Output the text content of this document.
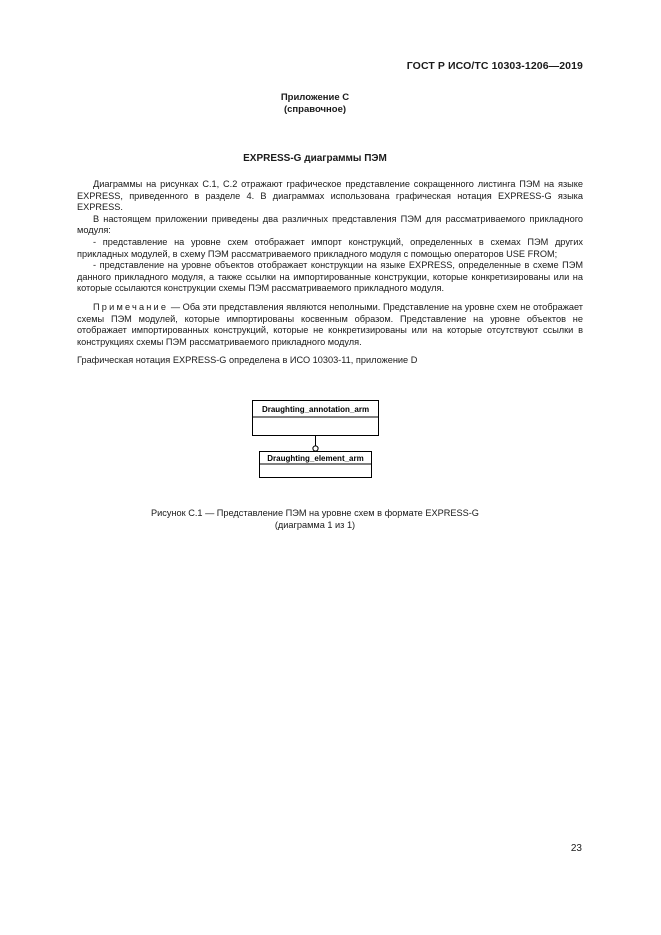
ГОСТ Р ИСО/ТС 10303-1206—2019
Приложение С
(справочное)
EXPRESS-G диаграммы ПЭМ

Диаграммы на рисунках С.1, С.2 отражают графическое представление сокращенного листинга ПЭМ на языке EXPRESS, приведенного в разделе 4. В диаграммах использована графическая нотация EXPRESS-G языка EXPRESS.

В настоящем приложении приведены два различных представления ПЭМ для рассматриваемого прикладного модуля:

- представление на уровне схем отображает импорт конструкций, определенных в схемах ПЭМ других прикладных модулей, в схему ПЭМ рассматриваемого прикладного модуля с помощью операторов USE FROM;

- представление на уровне объектов отображает конструкции на языке EXPRESS, определенные в схеме ПЭМ данного прикладного модуля, а также ссылки на импортированные конструкции, которые конкретизированы или на которые ссылаются конструкции схемы ПЭМ рассматриваемого прикладного модуля.

Примечание — Оба эти представления являются неполными. Представление на уровне схем не отображает схемы ПЭМ модулей, которые импортированы косвенным образом. Представление на уровне объектов не отображает импортированных конструкций, которые не конкретизированы или на которые отсутствуют ссылки в конструкциях схемы ПЭМ рассматриваемого прикладного модуля.

Графическая нотация EXPRESS-G определена в ИСО 10303-11, приложение D

Draughting_annotation_arm
Draughting_element_arm
Рисунок С.1 — Представление ПЭМ на уровне схем в формате EXPRESS-G
(диаграмма 1 из 1)
23
